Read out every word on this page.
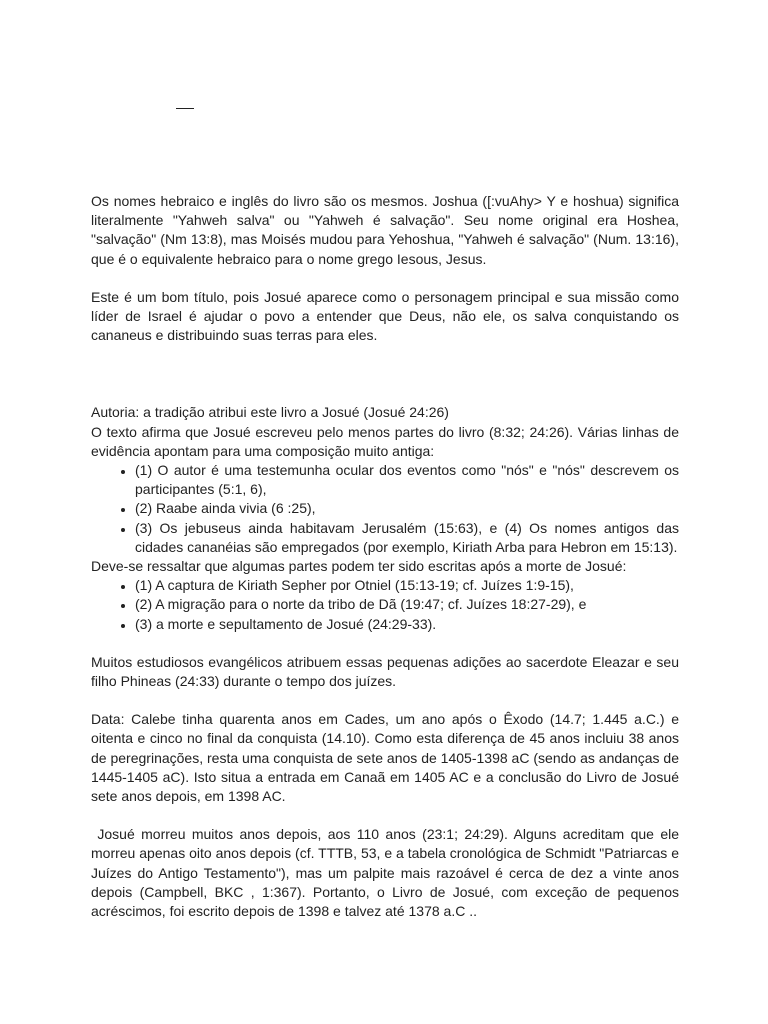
Os nomes hebraico e inglês do livro são os mesmos. Joshua ([:vuAhy> Y e hoshua) significa literalmente "Yahweh salva" ou "Yahweh é salvação". Seu nome original era Hoshea, "salvação" (Nm 13:8), mas Moisés mudou para Yehoshua, "Yahweh é salvação" (Num. 13:16), que é o equivalente hebraico para o nome grego Iesous, Jesus.

Este é um bom título, pois Josué aparece como o personagem principal e sua missão como líder de Israel é ajudar o povo a entender que Deus, não ele, os salva conquistando os cananeus e distribuindo suas terras para eles.

Autoria: a tradição atribui este livro a Josué (Josué 24:26)

O texto afirma que Josué escreveu pelo menos partes do livro (8:32; 24:26). Várias linhas de evidência apontam para uma composição muito antiga:

• (1) O autor é uma testemunha ocular dos eventos como "nós" e "nós" descrevem os participantes (5:1, 6),
• (2) Raabe ainda vivia (6 :25),
• (3) Os jebuseus ainda habitavam Jerusalém (15:63), e (4) Os nomes antigos das cidades cananéias são empregados (por exemplo, Kiriath Arba para Hebron em 15:13).

Deve-se ressaltar que algumas partes podem ter sido escritas após a morte de Josué:

• (1) A captura de Kiriath Sepher por Otniel (15:13-19; cf. Juízes 1:9-15),
• (2) A migração para o norte da tribo de Dã (19:47; cf. Juízes 18:27-29), e
• (3) a morte e sepultamento de Josué (24:29-33).

Muitos estudiosos evangélicos atribuem essas pequenas adições ao sacerdote Eleazar e seu filho Phineas (24:33) durante o tempo dos juízes.

Data: Calebe tinha quarenta anos em Cades, um ano após o Êxodo (14.7; 1.445 a.C.) e oitenta e cinco no final da conquista (14.10). Como esta diferença de 45 anos incluiu 38 anos de peregrinações, resta uma conquista de sete anos de 1405-1398 aC (sendo as andanças de 1445-1405 aC). Isto situa a entrada em Canaã em 1405 AC e a conclusão do Livro de Josué sete anos depois, em 1398 AC.

Josué morreu muitos anos depois, aos 110 anos (23:1; 24:29). Alguns acreditam que ele morreu apenas oito anos depois (cf. TTTB, 53, e a tabela cronológica de Schmidt "Patriarcas e Juízes do Antigo Testamento"), mas um palpite mais razoável é cerca de dez a vinte anos depois (Campbell, BKC , 1:367). Portanto, o Livro de Josué, com exceção de pequenos acréscimos, foi escrito depois de 1398 e talvez até 1378 a.C ..
